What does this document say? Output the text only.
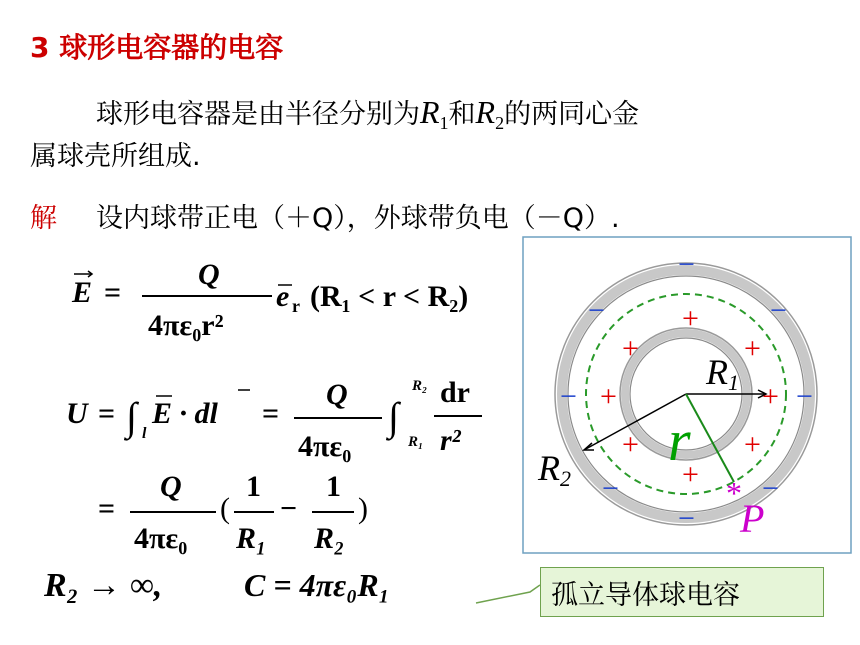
3 球形电容器的电容
球形电容器是由半径分别为$R_1$和$R_2$的两同心金
属球壳所组成.
解 设内球带正电（＋Q），外球带负电（－Q）.
E =
Q
4πε₀r²
e r (R₁ < r < R₂)
U = ∫ l
E · dl =
Q
4πε₀
∫
R₂
R₁
dr
r²
=
Q
4πε₀
(
1
R₁
−
1
R₂
)
R₂ → ∞,	C = 4πε₀R₁
R1
R2
r
*
P
+
+	+
+	+
+	+
+
−
−	−
−	−
−	−
−
孤立导体球电容
